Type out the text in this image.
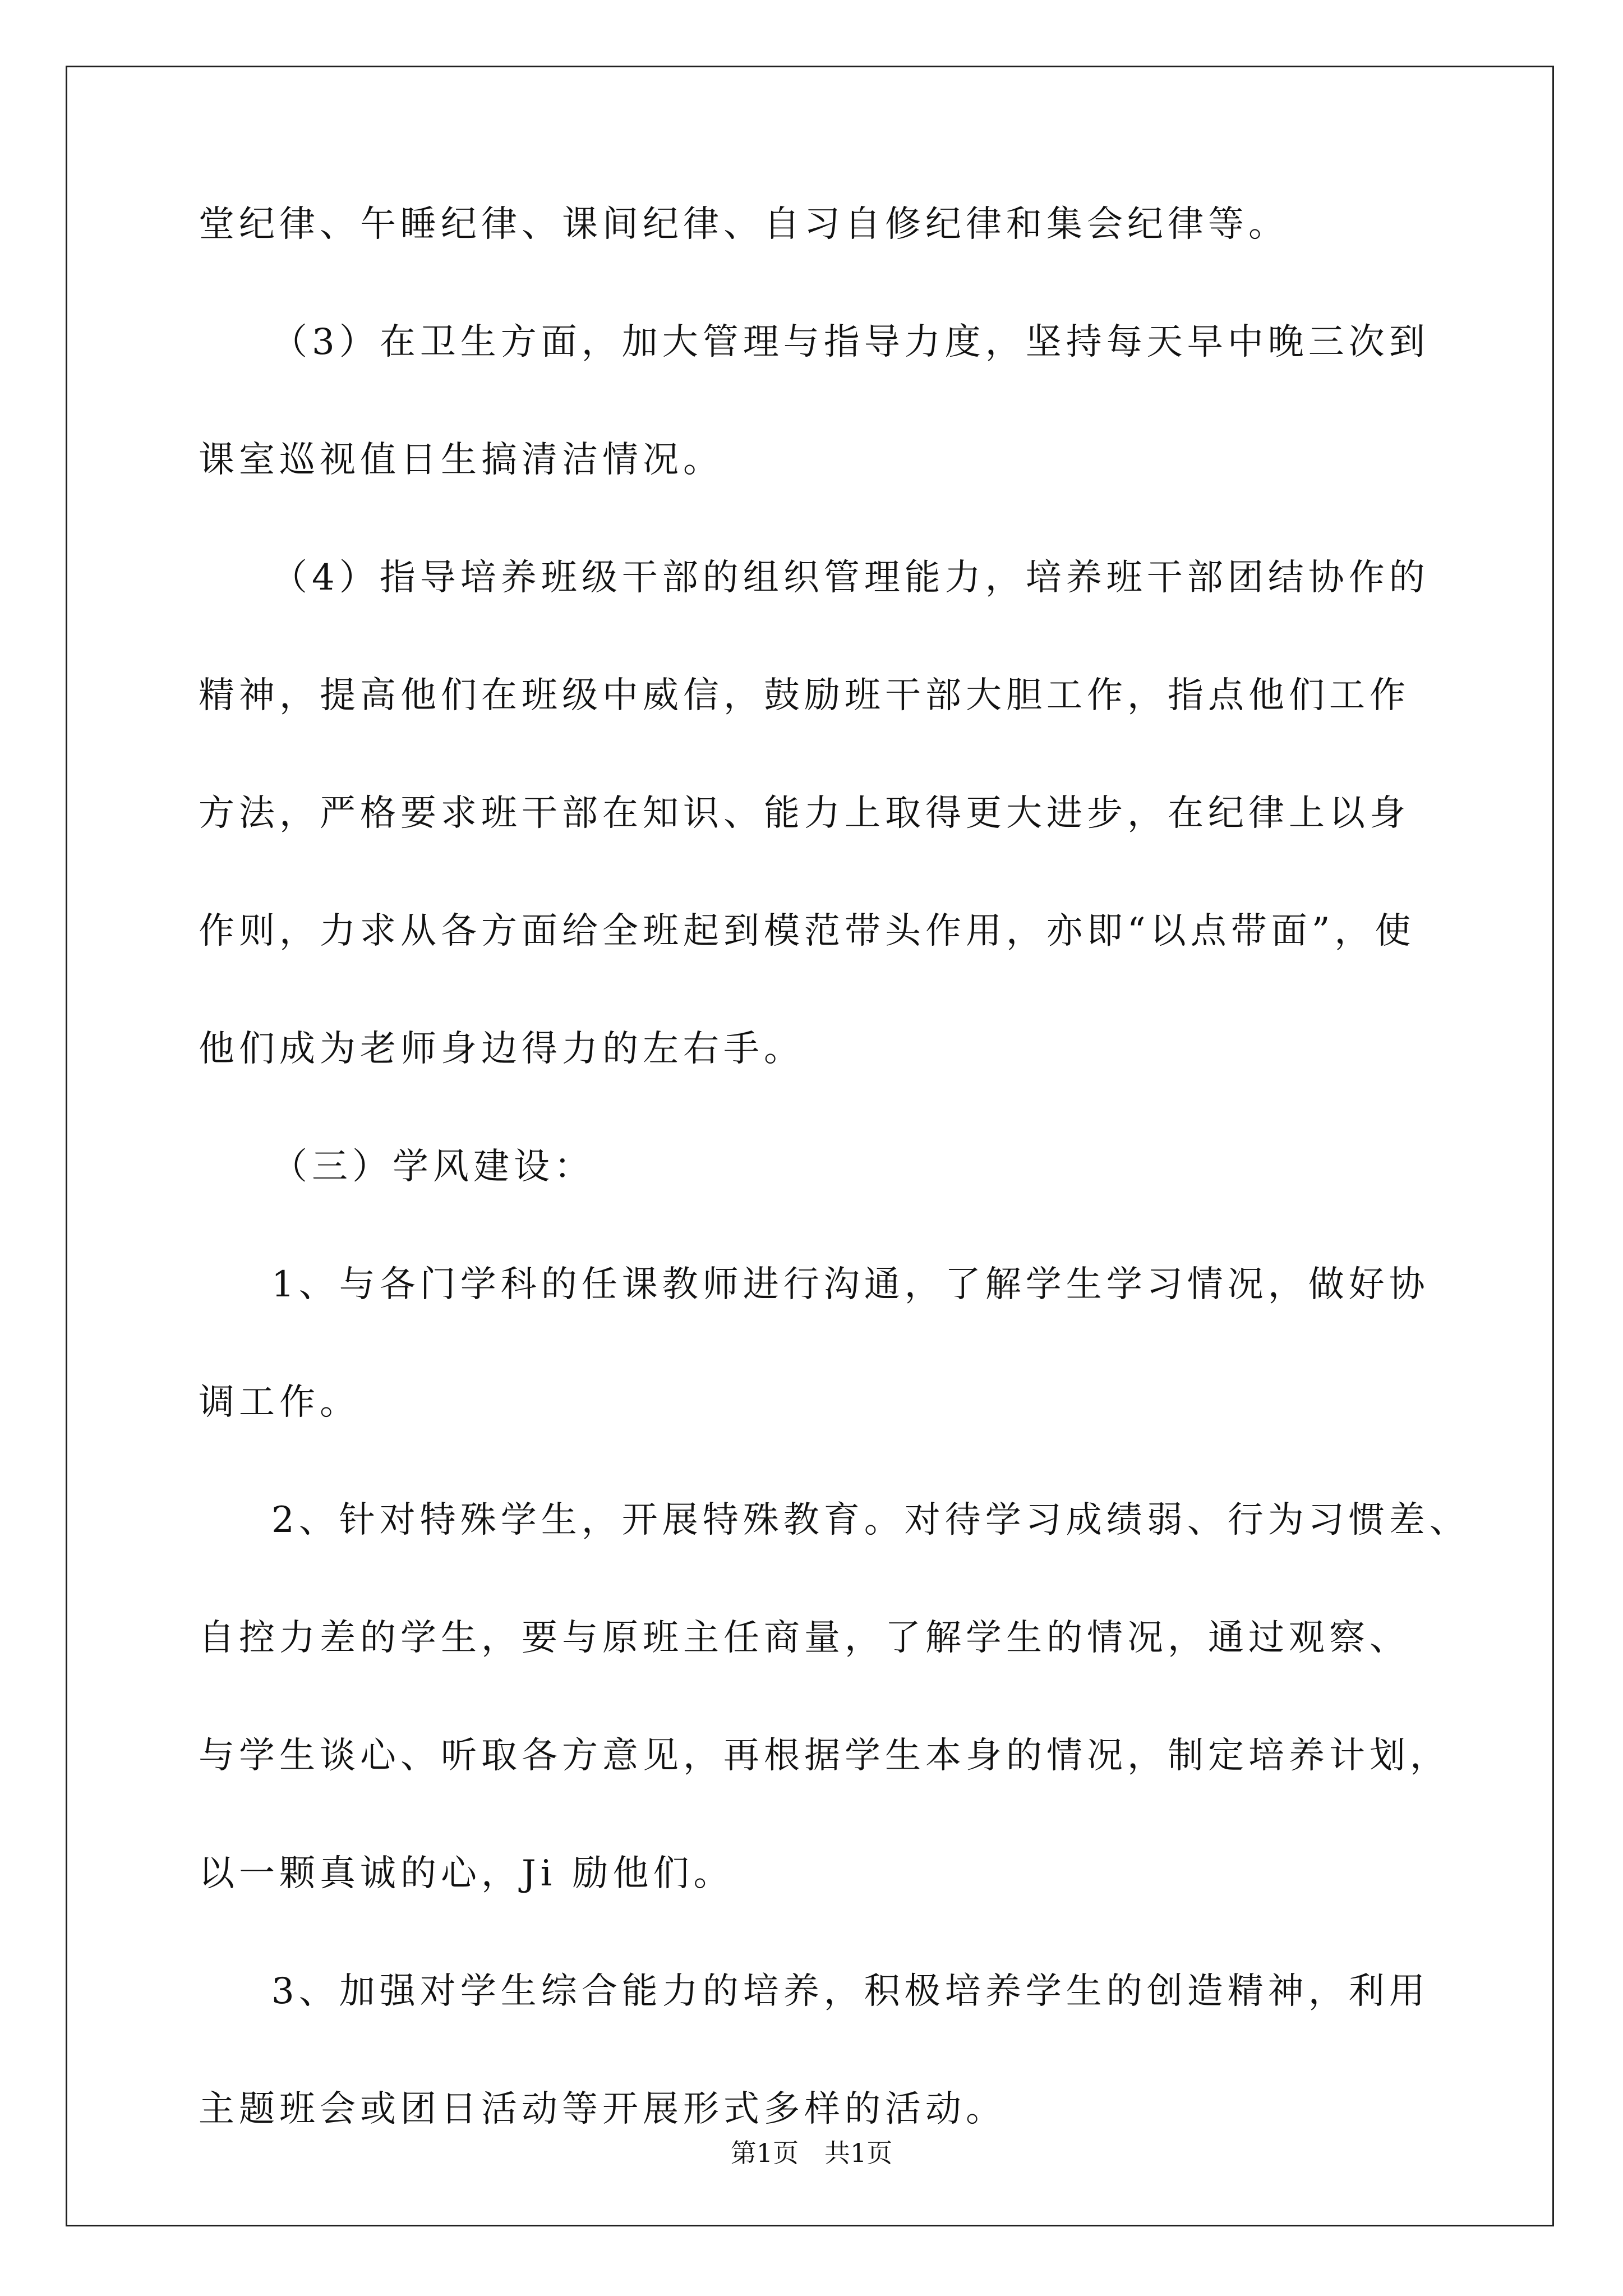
堂纪律、午睡纪律、课间纪律、自习自修纪律和集会纪律等。
（3）在卫生方面，加大管理与指导力度，坚持每天早中晚三次到
课室巡视值日生搞清洁情况。
（4）指导培养班级干部的组织管理能力，培养班干部团结协作的
精神，提高他们在班级中威信，鼓励班干部大胆工作，指点他们工作
方法，严格要求班干部在知识、能力上取得更大进步，在纪律上以身
作则，力求从各方面给全班起到模范带头作用，亦即“以点带面”，使
他们成为老师身边得力的左右手。
（三）学风建设：
1、与各门学科的任课教师进行沟通，了解学生学习情况，做好协
调工作。
2、针对特殊学生，开展特殊教育。对待学习成绩弱、行为习惯差、
自控力差的学生，要与原班主任商量，了解学生的情况，通过观察、
与学生谈心、听取各方意见，再根据学生本身的情况，制定培养计划，
以一颗真诚的心，Ji 励他们。
3、加强对学生综合能力的培养，积极培养学生的创造精神，利用
主题班会或团日活动等开展形式多样的活动。
第1页　共1页
